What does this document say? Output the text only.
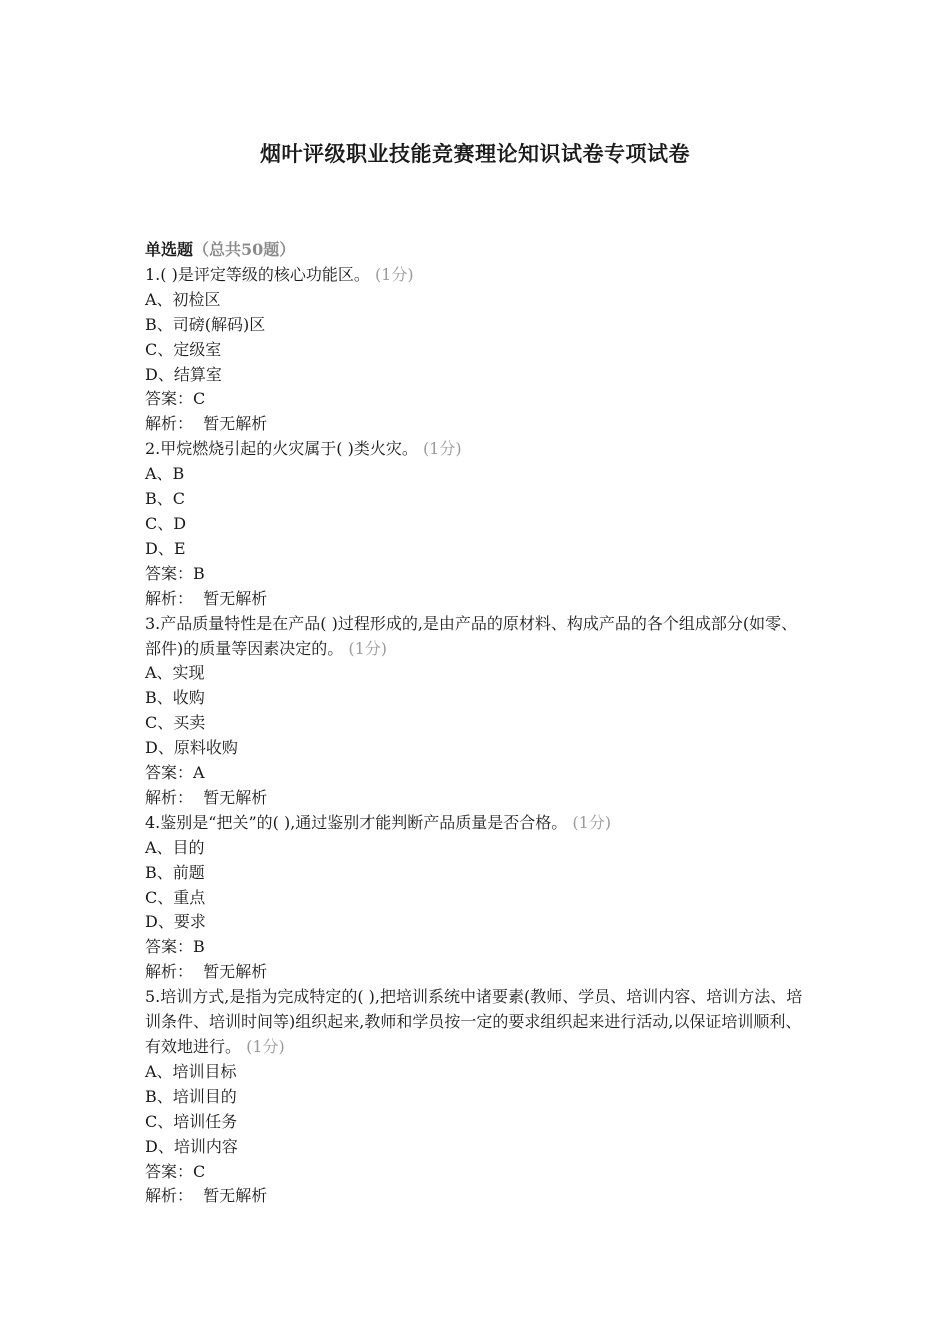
烟叶评级职业技能竞赛理论知识试卷专项试卷

单选题（总共50题）

1.( )是评定等级的核心功能区。 (1分)

A、初检区

B、司磅(解码)区

C、定级室

D、结算室

答案：C

解析： 暂无解析

2.甲烷燃烧引起的火灾属于( )类火灾。 (1分)

A、B

B、C

C、D

D、E

答案：B

解析： 暂无解析

3.产品质量特性是在产品( )过程形成的,是由产品的原材料、构成产品的各个组成部分(如零、部件)的质量等因素决定的。 (1分)

A、实现

B、收购

C、买卖

D、原料收购

答案：A

解析： 暂无解析

4.鉴别是“把关”的( ),通过鉴别才能判断产品质量是否合格。 (1分)

A、目的

B、前题

C、重点

D、要求

答案：B

解析： 暂无解析

5.培训方式,是指为完成特定的( ),把培训系统中诸要素(教师、学员、培训内容、培训方法、培训条件、培训时间等)组织起来,教师和学员按一定的要求组织起来进行活动,以保证培训顺利、有效地进行。 (1分)

A、培训目标

B、培训目的

C、培训任务

D、培训内容

答案：C

解析： 暂无解析
